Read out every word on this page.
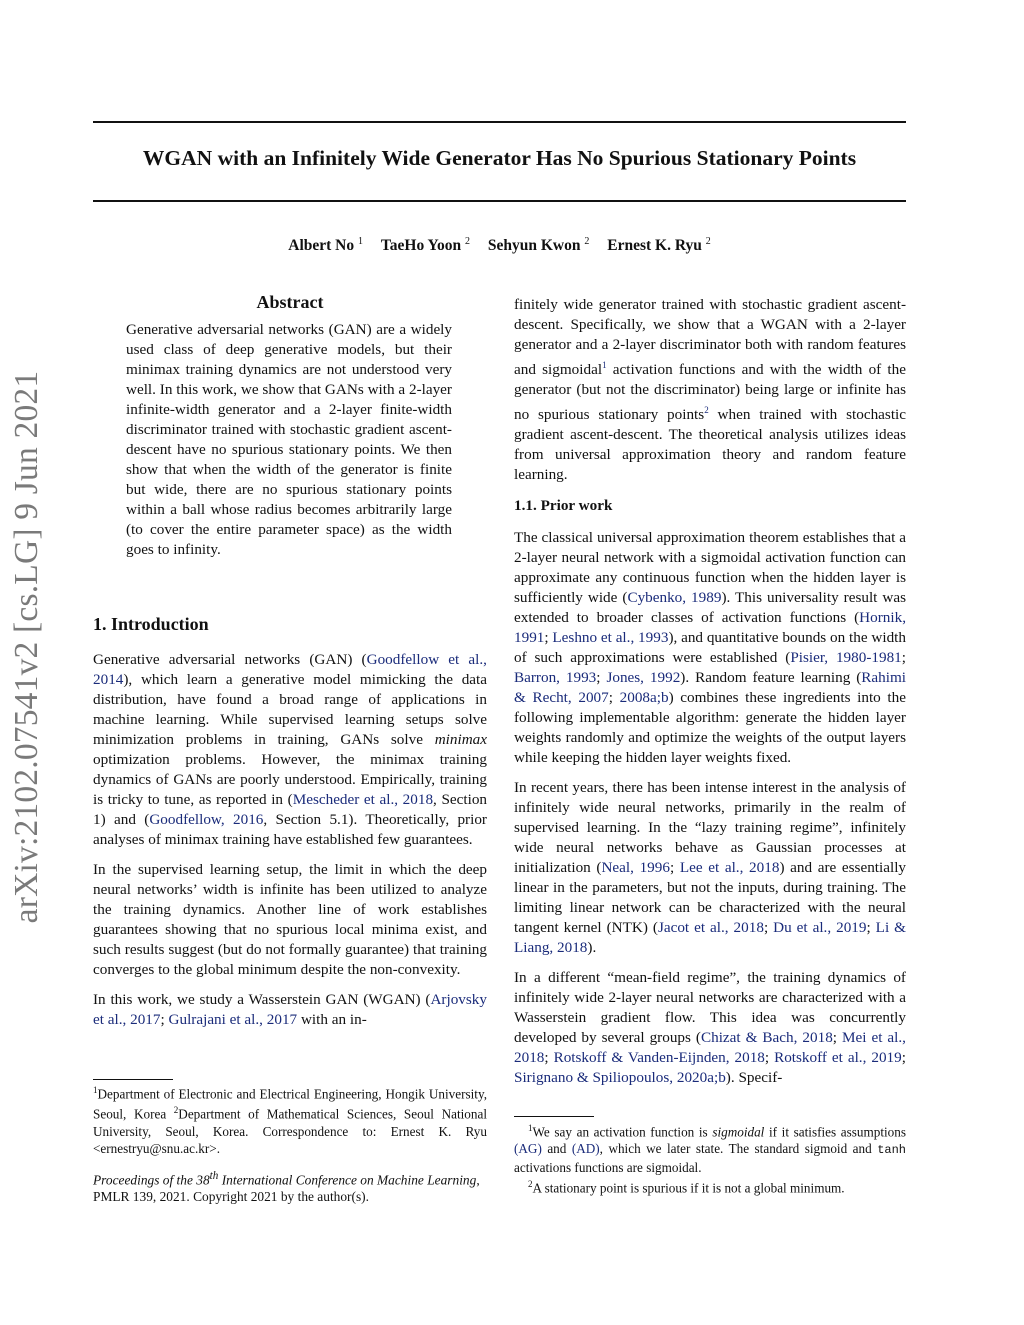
WGAN with an Infinitely Wide Generator Has No Spurious Stationary Points
Albert No $^1$ TaeHo Yoon $^2$ Sehyun Kwon $^2$ Ernest K. Ryu $^2$
arXiv:2102.07541v2 [cs.LG] 9 Jun 2021
Abstract
Generative adversarial networks (GAN) are a widely used class of deep generative models, but their minimax training dynamics are not understood very well. In this work, we show that GANs with a 2-layer infinite-width generator and a 2-layer finite-width discriminator trained with stochastic gradient ascent-descent have no spurious stationary points. We then show that when the width of the generator is finite but wide, there are no spurious stationary points within a ball whose radius becomes arbitrarily large (to cover the entire parameter space) as the width goes to infinity.
1. Introduction

Generative adversarial networks (GAN) (Goodfellow et al., 2014), which learn a generative model mimicking the data distribution, have found a broad range of applications in machine learning. While supervised learning setups solve minimization problems in training, GANs solve minimax optimization problems. However, the minimax training dynamics of GANs are poorly understood. Empirically, training is tricky to tune, as reported in (Mescheder et al., 2018, Section 1) and (Goodfellow, 2016, Section 5.1). Theoretically, prior analyses of minimax training have established few guarantees.

In the supervised learning setup, the limit in which the deep neural networks’ width is infinite has been utilized to analyze the training dynamics. Another line of work establishes guarantees showing that no spurious local minima exist, and such results suggest (but do not formally guarantee) that training converges to the global minimum despite the non-convexity.

In this work, we study a Wasserstein GAN (WGAN) (Arjovsky et al., 2017; Gulrajani et al., 2017 with an in-

$^1$Department of Electronic and Electrical Engineering, Hongik University, Seoul, Korea $^2$Department of Mathematical Sciences, Seoul National University, Seoul, Korea. Correspondence to: Ernest K. Ryu <ernestryu@snu.ac.kr>.

Proceedings of the 38th International Conference on Machine Learning, PMLR 139, 2021. Copyright 2021 by the author(s).

finitely wide generator trained with stochastic gradient ascent-descent. Specifically, we show that a WGAN with a 2-layer generator and a 2-layer discriminator both with random features and sigmoidal$^1$ activation functions and with the width of the generator (but not the discriminator) being large or infinite has no spurious stationary points$^2$ when trained with stochastic gradient ascent-descent. The theoretical analysis utilizes ideas from universal approximation theory and random feature learning.

1.1. Prior work

The classical universal approximation theorem establishes that a 2-layer neural network with a sigmoidal activation function can approximate any continuous function when the hidden layer is sufficiently wide (Cybenko, 1989). This universality result was extended to broader classes of activation functions (Hornik, 1991; Leshno et al., 1993), and quantitative bounds on the width of such approximations were established (Pisier, 1980-1981; Barron, 1993; Jones, 1992). Random feature learning (Rahimi & Recht, 2007; 2008a;b) combines these ingredients into the following implementable algorithm: generate the hidden layer weights randomly and optimize the weights of the output layers while keeping the hidden layer weights fixed.

In recent years, there has been intense interest in the analysis of infinitely wide neural networks, primarily in the realm of supervised learning. In the “lazy training regime”, infinitely wide neural networks behave as Gaussian processes at initialization (Neal, 1996; Lee et al., 2018) and are essentially linear in the parameters, but not the inputs, during training. The limiting linear network can be characterized with the neural tangent kernel (NTK) (Jacot et al., 2018; Du et al., 2019; Li & Liang, 2018).

In a different “mean-field regime”, the training dynamics of infinitely wide 2-layer neural networks are characterized with a Wasserstein gradient flow. This idea was concurrently developed by several groups (Chizat & Bach, 2018; Mei et al., 2018; Rotskoff & Vanden-Eijnden, 2018; Rotskoff et al., 2019; Sirignano & Spiliopoulos, 2020a;b). Specif-

$^1$We say an activation function is sigmoidal if it satisfies assumptions (AG) and (AD), which we later state. The standard sigmoid and tanh activations functions are sigmoidal.

$^2$A stationary point is spurious if it is not a global minimum.
